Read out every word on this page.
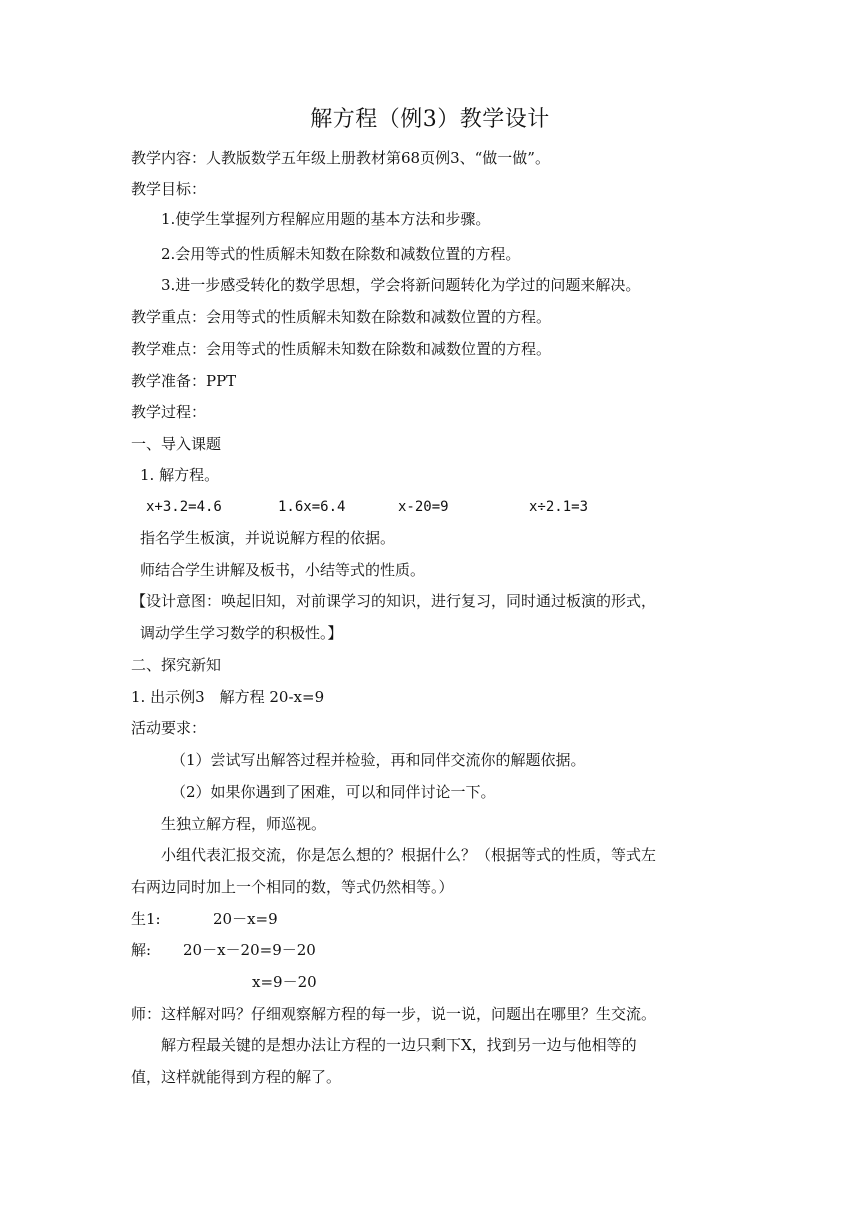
解方程（例3）教学设计
教学内容：人教版数学五年级上册教材第68页例3、“做一做”。
教学目标：
1.使学生掌握列方程解应用题的基本方法和步骤。
2.会用等式的性质解未知数在除数和减数位置的方程。
3.进一步感受转化的数学思想，学会将新问题转化为学过的问题来解决。
教学重点：会用等式的性质解未知数在除数和减数位置的方程。
教学难点：会用等式的性质解未知数在除数和减数位置的方程。
教学准备：PPT
教学过程：
一、导入课题
1. 解方程。
x+3.2=4.6	1.6x=6.4	x-20=9	x÷2.1=3
指名学生板演，并说说解方程的依据。
师结合学生讲解及板书，小结等式的性质。
【设计意图：唤起旧知，对前课学习的知识，进行复习，同时通过板演的形式，
调动学生学习数学的积极性。】
二、探究新知
1. 出示例3　解方程 20-x=9
活动要求：
（1）尝试写出解答过程并检验，再和同伴交流你的解题依据。
（2）如果你遇到了困难，可以和同伴讨论一下。
生独立解方程，师巡视。
小组代表汇报交流，你是怎么想的？根据什么？（根据等式的性质，等式左
右两边同时加上一个相同的数，等式仍然相等。）
生1:	20－x=9
解: 20－x－20=9－20
x=9－20
师：这样解对吗？仔细观察解方程的每一步，说一说，问题出在哪里？生交流。
解方程最关键的是想办法让方程的一边只剩下X，找到另一边与他相等的
值，这样就能得到方程的解了。
